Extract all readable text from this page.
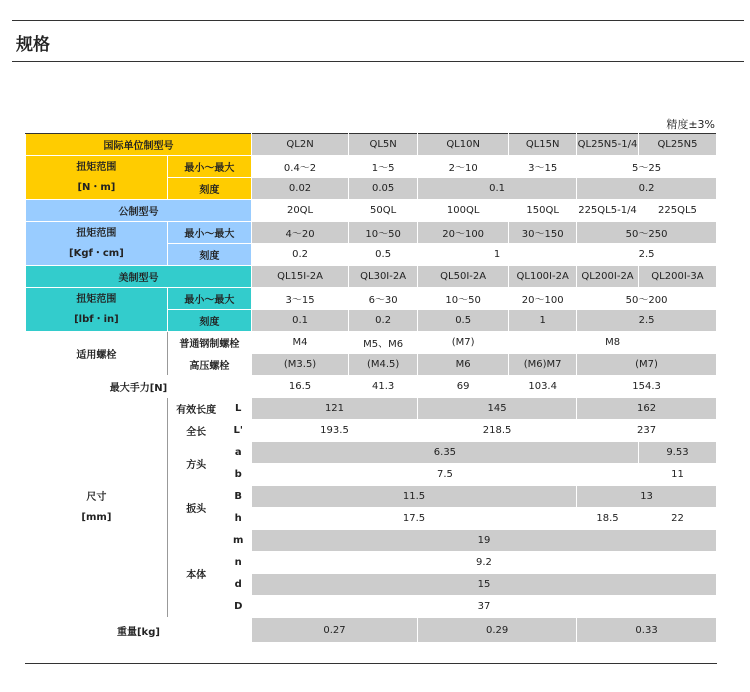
规格
精度±3%
国际单位制型号			QL2N	QL5N	QL10N	QL15N	QL25N5-1/4	QL25N5

扭矩范围
[N・m]	最小～最大		0.4～2	1～5	2～10	3～15	5～25	
	刻度		0.02	0.05	0.1		0.2	
公制型号			20QL	50QL	100QL	150QL	225QL5-1/4	225QL5

扭矩范围
[Kgf・cm]	最小～最大		4～20	10～50	20～100	30～150	50～250	
	刻度		0.2	0.5	1		2.5	
美制型号			QL15I-2A	QL30I-2A	QL50I-2A	QL100I-2A	QL200I-2A	QL200I-3A

扭矩范围
[lbf・in]	最小～最大		3～15	6～30	10～50	20～100	50～200	
	刻度		0.1	0.2	0.5	1	2.5	
适用螺栓	普通钢制螺栓		M4	M5、M6	(M7)	M8		
	高压螺栓		(M3.5)	(M4.5)	M6	(M6)M7	(M7)	
最大手力[N]			16.5	41.3	69	103.4	154.3	

尺寸
[mm]	有效长度	L	121		145		162	
	全长	L'	193.5		218.5		237	
	方头	a	6.35					9.53
		b	7.5					11
	扳头	B	11.5				13	
		h	17.5				18.5	22
	本体	m	19					
		n	9.2					
		d	15					
		D	37					
重量[kg]			0.27		0.29		0.33	
